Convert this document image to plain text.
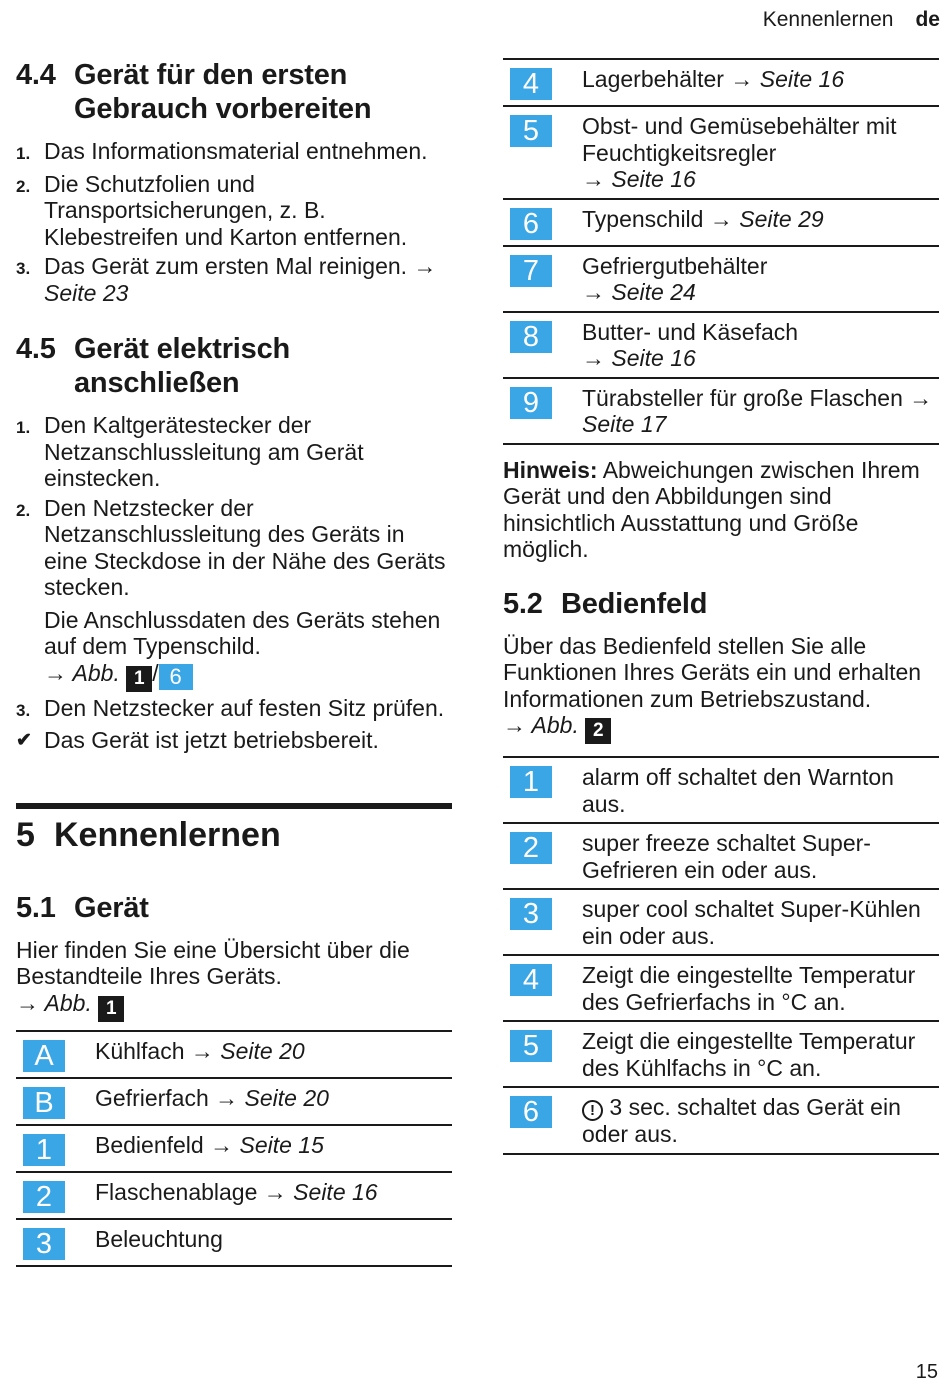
Kennenlernen de
4.4 Gerät für den ersten Gebrauch vorbereiten
1. Das Informationsmaterial entnehmen.
2. Die Schutzfolien und Transportsicherungen, z. B. Klebestreifen und Karton entfernen.
3. Das Gerät zum ersten Mal reinigen. → Seite 23
4.5 Gerät elektrisch anschließen
1. Den Kaltgerätestecker der Netzanschlussleitung am Gerät einstecken.
2. Den Netzstecker der Netzanschlussleitung des Geräts in eine Steckdose in der Nähe des Geräts stecken.

Die Anschlussdaten des Geräts stehen auf dem Typenschild.

→ Abb. 1 / 6

3. Den Netzstecker auf festen Sitz prüfen.
✔ Das Gerät ist jetzt betriebsbereit.
5 Kennenlernen
5.1 Gerät

Hier finden Sie eine Übersicht über die Bestandteile Ihres Geräts.

→ Abb. 1

A	Kühlfach → Seite 20

B	Gefrierfach → Seite 20

1	Bedienfeld → Seite 15

2	Flaschenablage → Seite 16

3	Beleuchtung
4	Lagerbehälter → Seite 16

5	Obst- und Gemüsebehälter mit Feuchtigkeitsregler
→ Seite 16

6	Typenschild → Seite 29

7	Gefriergutbehälter
→ Seite 24

8	Butter- und Käsefach
→ Seite 16

9	Türabsteller für große Flaschen → Seite 17

Hinweis: Abweichungen zwischen Ihrem Gerät und den Abbildungen sind hinsichtlich Ausstattung und Größe möglich.

5.2 Bedienfeld

Über das Bedienfeld stellen Sie alle Funktionen Ihres Geräts ein und erhalten Informationen zum Betriebszustand.

→ Abb. 2

1	alarm off schaltet den Warnton aus.

2	super freeze schaltet Super-Gefrieren ein oder aus.

3	super cool schaltet Super-Kühlen ein oder aus.

4	Zeigt die eingestellte Temperatur des Gefrierfachs in °C an.

5	Zeigt die eingestellte Temperatur des Kühlfachs in °C an.

6	! 3 sec. schaltet das Gerät ein oder aus.
15
